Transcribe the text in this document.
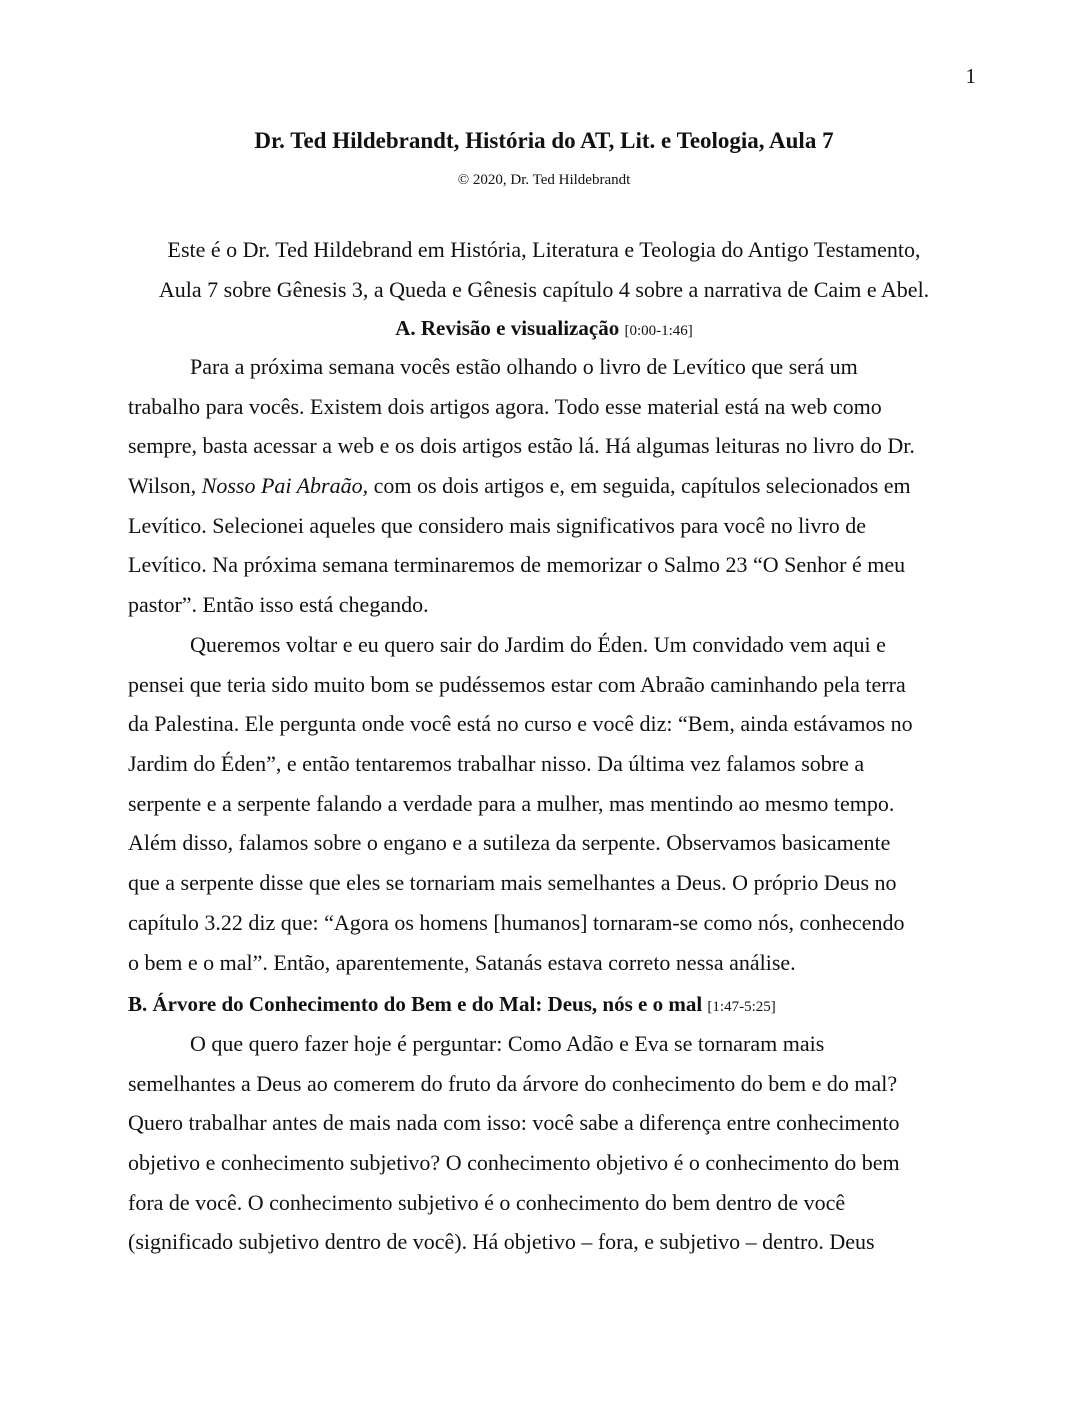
1
Dr. Ted Hildebrandt, História do AT, Lit. e Teologia, Aula 7
© 2020, Dr. Ted Hildebrandt
Este é o Dr. Ted Hildebrand em História, Literatura e Teologia do Antigo Testamento,
Aula 7 sobre Gênesis 3, a Queda e Gênesis capítulo 4 sobre a narrativa de Caim e Abel.
A. Revisão e visualização [0:00-1:46]
Para a próxima semana vocês estão olhando o livro de Levítico que será um
trabalho para vocês. Existem dois artigos agora. Todo esse material está na web como
sempre, basta acessar a web e os dois artigos estão lá. Há algumas leituras no livro do Dr.
Wilson, Nosso Pai Abraão, com os dois artigos e, em seguida, capítulos selecionados em
Levítico. Selecionei aqueles que considero mais significativos para você no livro de
Levítico. Na próxima semana terminaremos de memorizar o Salmo 23 “O Senhor é meu
pastor”. Então isso está chegando.
Queremos voltar e eu quero sair do Jardim do Éden. Um convidado vem aqui e
pensei que teria sido muito bom se pudéssemos estar com Abraão caminhando pela terra
da Palestina. Ele pergunta onde você está no curso e você diz: “Bem, ainda estávamos no
Jardim do Éden”, e então tentaremos trabalhar nisso. Da última vez falamos sobre a
serpente e a serpente falando a verdade para a mulher, mas mentindo ao mesmo tempo.
Além disso, falamos sobre o engano e a sutileza da serpente. Observamos basicamente
que a serpente disse que eles se tornariam mais semelhantes a Deus. O próprio Deus no
capítulo 3.22 diz que: “Agora os homens [humanos] tornaram-se como nós, conhecendo
o bem e o mal”. Então, aparentemente, Satanás estava correto nessa análise.
B. Árvore do Conhecimento do Bem e do Mal: Deus, nós e o mal [1:47-5:25]
O que quero fazer hoje é perguntar: Como Adão e Eva se tornaram mais
semelhantes a Deus ao comerem do fruto da árvore do conhecimento do bem e do mal?
Quero trabalhar antes de mais nada com isso: você sabe a diferença entre conhecimento
objetivo e conhecimento subjetivo? O conhecimento objetivo é o conhecimento do bem
fora de você. O conhecimento subjetivo é o conhecimento do bem dentro de você
(significado subjetivo dentro de você). Há objetivo – fora, e subjetivo – dentro. Deus
